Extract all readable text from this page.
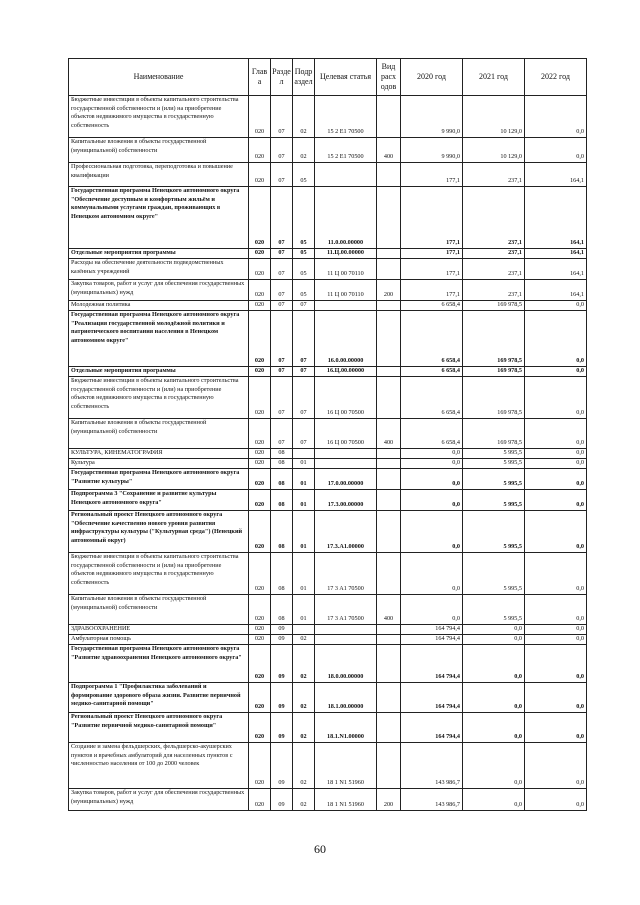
Наименование	Глав а	Разде л	Подр аздел	Целевая статья	Вид расх одов	2020 год	2021 год	2022 год
Бюджетные инвестиции в объекты капитального строительства государственной собственности и (или) на приобретение объектов недвижимого имущества в государственную собственность	020	07	02	15 2 E1 70500		9 990,0	10 129,0	0,0
Капитальные вложения в объекты государственной (муниципальной) собственности	020	07	02	15 2 E1 70500	400	9 990,0	10 129,0	0,0
Профессиональная подготовка, переподготовка и повышение квалификации	020	07	05			177,1	237,1	164,1
Государственная программа Ненецкого автономного округа "Обеспечение доступным и комфортным жильём и коммунальными услугами граждан, проживающих в Ненецком автономном округе"	020	07	05	11.0.00.00000		177,1	237,1	164,1
Отдельные мероприятия программы	020	07	05	11.Ц.00.00000		177,1	237,1	164,1
Расходы на обеспечение деятельности подведомственных казённых учреждений	020	07	05	11 Ц 00 70110		177,1	237,1	164,1
Закупка товаров, работ и услуг для обеспечения государственных (муниципальных) нужд	020	07	05	11 Ц 00 70110	200	177,1	237,1	164,1
Молодежная политика	020	07	07			6 658,4	169 978,5	0,0
Государственная программа Ненецкого автономного округа "Реализация государственной молодёжной политики и патриотического воспитания населения в Ненецком автономном округе"	020	07	07	16.0.00.00000		6 658,4	169 978,5	0,0
Отдельные мероприятия программы	020	07	07	16.Ц.00.00000		6 658,4	169 978,5	0,0
Бюджетные инвестиции в объекты капитального строительства государственной собственности и (или) на приобретение объектов недвижимого имущества в государственную собственность	020	07	07	16 Ц 00 70500		6 658,4	169 978,5	0,0
Капитальные вложения в объекты государственной (муниципальной) собственности	020	07	07	16 Ц 00 70500	400	6 658,4	169 978,5	0,0
КУЛЬТУРА, КИНЕМАТОГРАФИЯ	020	08				0,0	5 995,5	0,0
Культура	020	08	01			0,0	5 995,5	0,0
Государственная программа Ненецкого автономного округа "Развитие культуры"	020	08	01	17.0.00.00000		0,0	5 995,5	0,0
Подпрограмма 3 "Сохранение и развитие культуры Ненецкого автономного округа"	020	08	01	17.3.00.00000		0,0	5 995,5	0,0
Региональный проект Ненецкого автономного округа "Обеспечение качественно нового уровня развития инфраструктуры культуры ("Культурная среда") (Ненецкий автономный округ)	020	08	01	17.3.А1.00000		0,0	5 995,5	0,0
Бюджетные инвестиции в объекты капитального строительства государственной собственности и (или) на приобретение объектов недвижимого имущества в государственную собственность	020	08	01	17 3 A1 70500		0,0	5 995,5	0,0
Капитальные вложения в объекты государственной (муниципальной) собственности	020	08	01	17 3 A1 70500	400	0,0	5 995,5	0,0
ЗДРАВООХРАНЕНИЕ	020	09				164 794,4	0,0	0,0
Амбулаторная помощь	020	09	02			164 794,4	0,0	0,0
Государственная программа Ненецкого автономного округа "Развитие здравоохранения Ненецкого автономного округа"	020	09	02	18.0.00.00000		164 794,4	0,0	0,0
Подпрограмма 1 "Профилактика заболеваний и формирование здорового образа жизни. Развитие первичной медико-санитарной помощи"	020	09	02	18.1.00.00000		164 794,4	0,0	0,0
Региональный проект Ненецкого автономного округа "Развитие первичной медико-санитарной помощи"	020	09	02	18.1.N1.00000		164 794,4	0,0	0,0
Создание и замена фельдшерских, фельдшерско-акушерских пунктов и врачебных амбулаторий для населенных пунктов с численностью населения от 100 до 2000 человек	020	09	02	18 1 N1 51960		143 986,7	0,0	0,0
Закупка товаров, работ и услуг для обеспечения государственных (муниципальных) нужд	020	09	02	18 1 N1 51960	200	143 986,7	0,0	0,0
60
